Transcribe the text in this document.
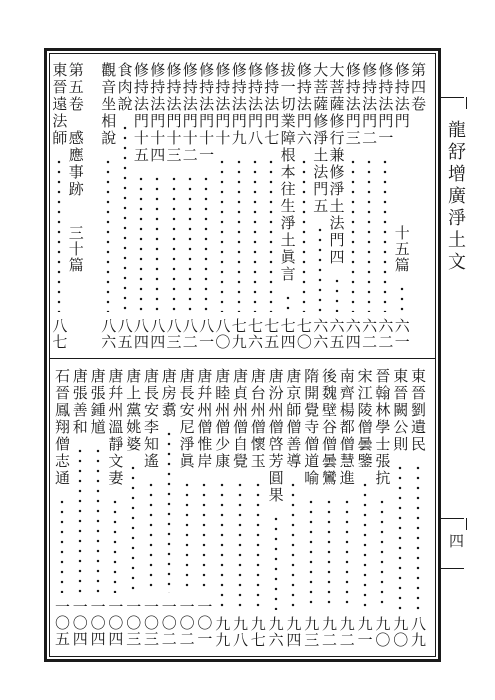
龍舒增廣淨土文
四
第四卷
修持法門
十五篇
六一
修持法門一
六二
修持法門二
六二
修持法門三
六四
大菩薩修行兼修淨土法門四
六五
大菩薩修淨土法門五
六六
修持法門六
七〇
拔一切業障根本往生淨土眞言
七四
修持法門七
七五
修持法門八
七六
修持法門九
七九
修持法門十
八〇
修持法門十一
八一
修持法門十二
八二
修持法門十三
八三
修持法門十四
八四
修持法門十五
八四
食肉說
八五
觀音坐相說
八六
第五卷　感應事跡
三十篇
東晉遠法師
八七
東晉劉遺民
八九
東晉闕公則
九〇
晉翰林學士張抗
九〇
宋江陵僧曇鑒
九一
南齊楊都僧慧進
九二
後魏壁谷僧曇鸞
九二
隋開覺寺僧道喻
九三
唐京師僧善導
九四
唐汾州僧啓芳圓果
九六
唐台州僧懷玉
九七
唐貞州僧自覺
九八
唐睦州僧少康
九九
唐幷州僧惟岸
一〇一
唐長安尼淨眞
一〇二
唐房翥
一〇二
唐長安李知遙
一〇三
唐上黨姚婆
一〇三
唐幷州溫靜文妻
一〇四
唐張鍾馗
一〇四
唐張善和
一〇四
石晉鳳翔僧志通
一〇五
